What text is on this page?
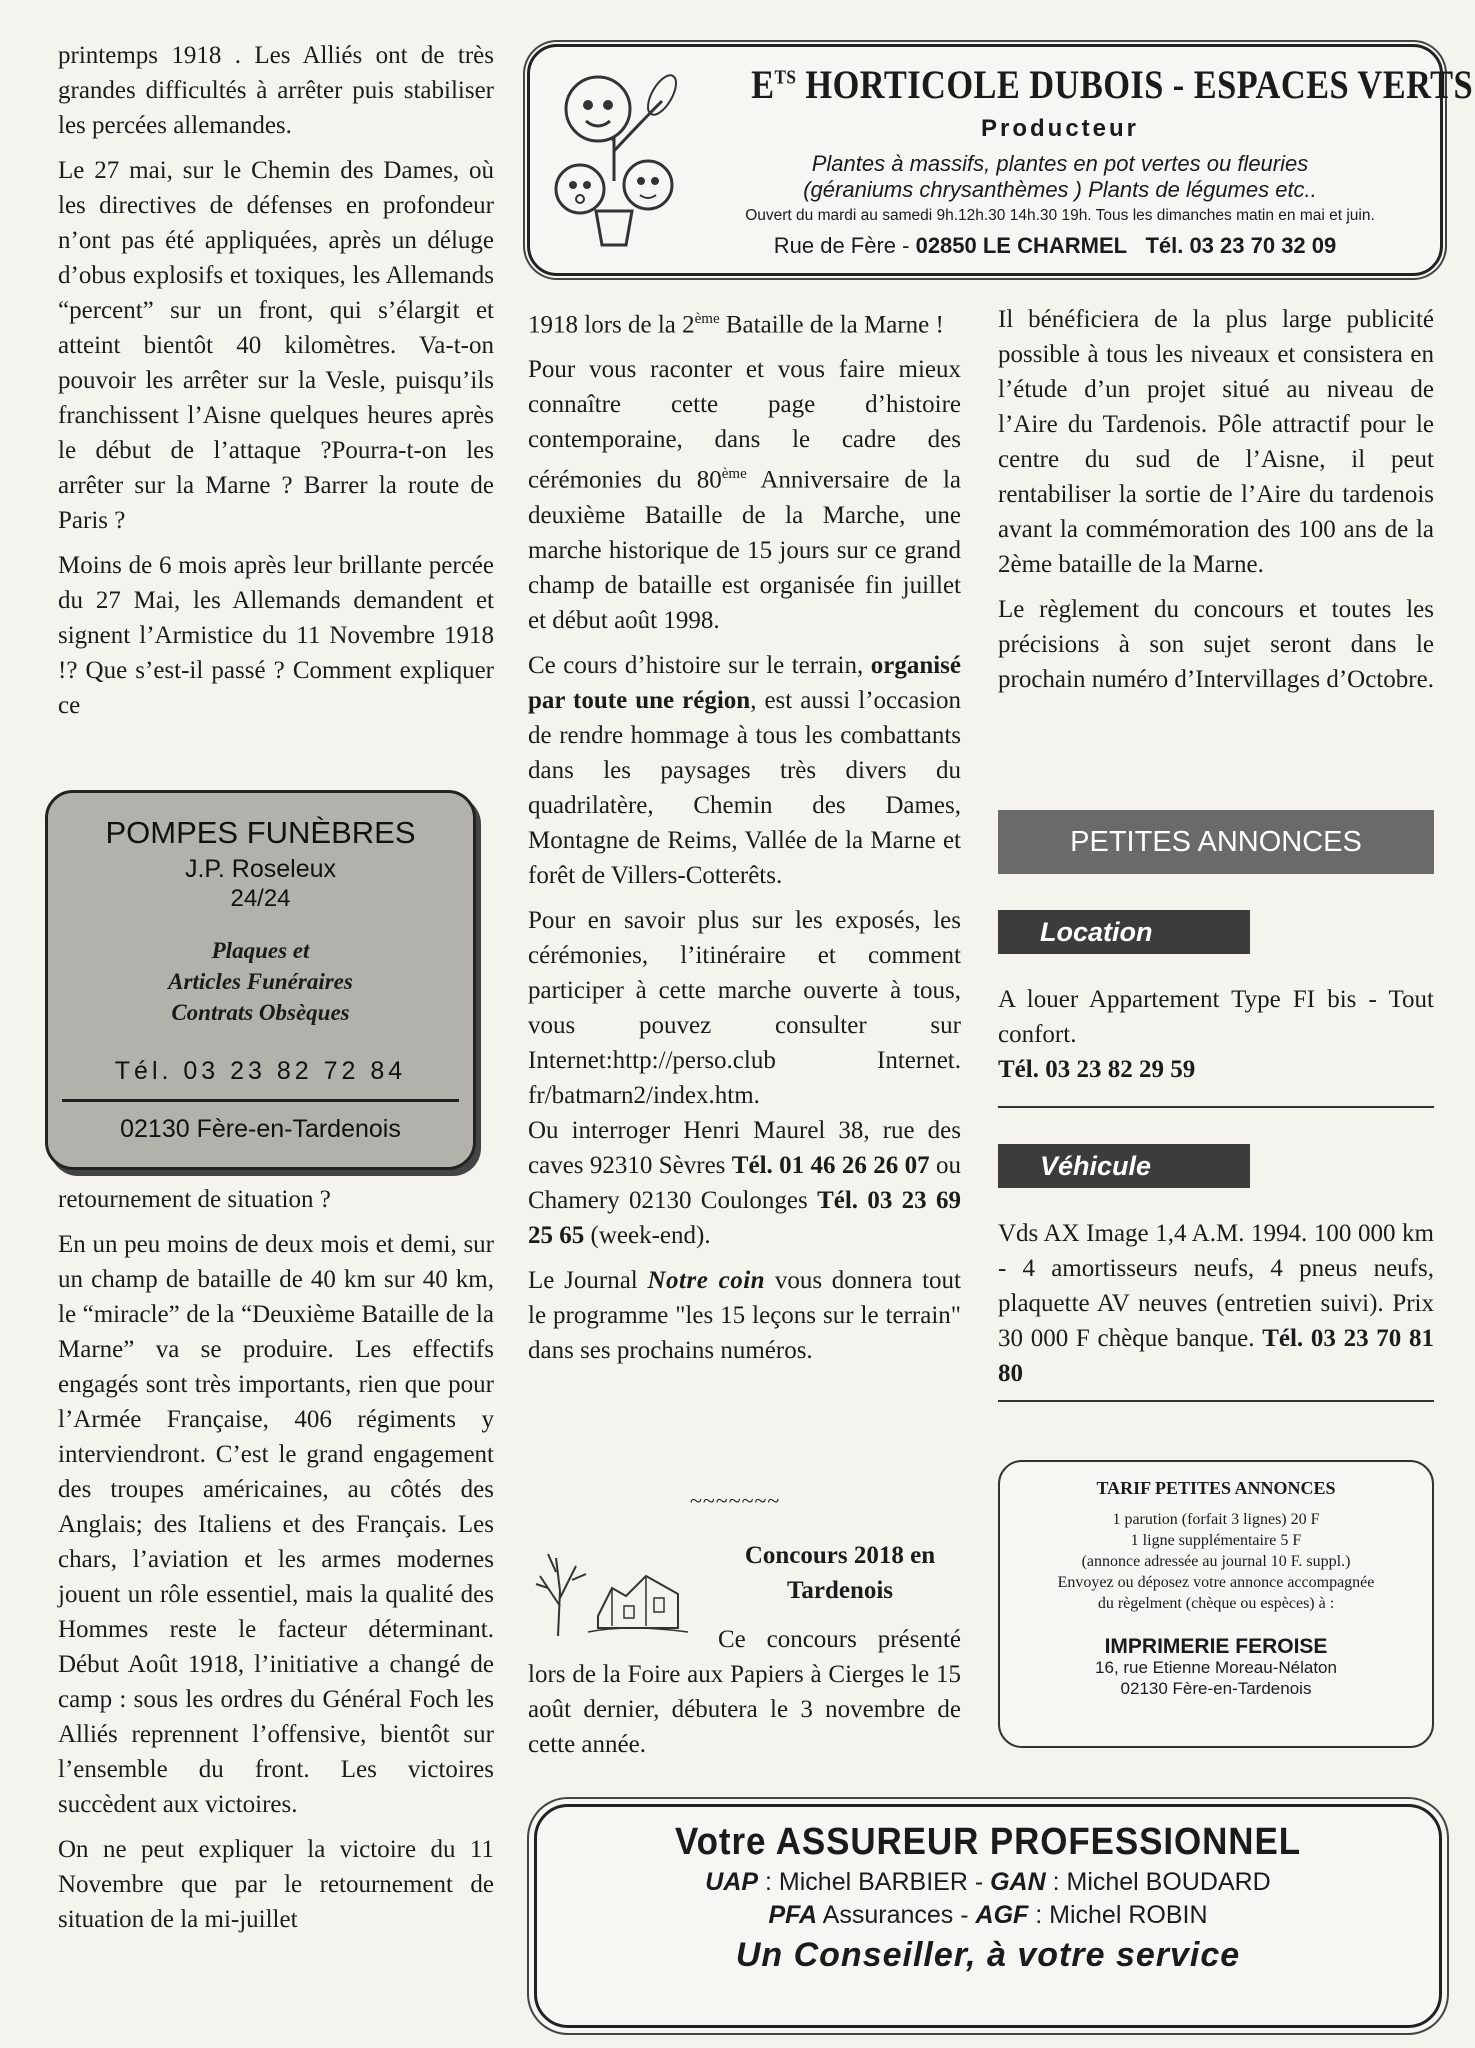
printemps 1918 . Les Alliés ont de très grandes difficultés à arrêter puis stabiliser les percées allemandes.

Le 27 mai, sur le Chemin des Dames, où les directives de défenses en profondeur n’ont pas été appliquées, après un déluge d’obus explosifs et toxiques, les Allemands “percent” sur un front, qui s’élargit et atteint bientôt 40 kilomètres. Va-t-on pouvoir les arrêter sur la Vesle, puisqu’ils franchissent l’Aisne quelques heures après le début de l’attaque ?Pourra-t-on les arrêter sur la Marne ? Barrer la route de Paris ?

Moins de 6 mois après leur brillante percée du 27 Mai, les Allemands demandent et signent l’Armistice du 11 Novembre 1918 !? Que s’est-il passé ? Comment expliquer ce

POMPES FUNÈBRES
J.P. Roseleux
24/24
Plaques et
Articles Funéraires
Contrats Obsèques
Tél. 03 23 82 72 84
02130 Fère-en-Tardenois

retournement de situation ?

En un peu moins de deux mois et demi, sur un champ de bataille de 40 km sur 40 km, le “miracle” de la “Deuxième Bataille de la Marne” va se produire. Les effectifs engagés sont très importants, rien que pour l’Armée Française, 406 régiments y interviendront. C’est le grand engagement des troupes américaines, au côtés des Anglais; des Italiens et des Français. Les chars, l’aviation et les armes modernes jouent un rôle essentiel, mais la qualité des Hommes reste le facteur déterminant. Début Août 1918, l’initiative a changé de camp : sous les ordres du Général Foch les Alliés reprennent l’offensive, bientôt sur l’ensemble du front. Les victoires succèdent aux victoires.

On ne peut expliquer la victoire du 11 Novembre que par le retournement de situation de la mi-juillet

$E^{TS}$ HORTICOLE DUBOIS - ESPACES VERTS
Producteur
Plantes à massifs, plantes en pot vertes ou fleuries
(géraniums chrysanthèmes ) Plants de légumes etc..
Ouvert du mardi au samedi 9h.12h.30 14h.30 19h. Tous les dimanches matin en mai et juin.
Rue de Fère - 02850 LE CHARMEL Tél. 03 23 70 32 09

1918 lors de la 2ème Bataille de la Marne !

Pour vous raconter et vous faire mieux connaître cette page d’histoire contemporaine, dans le cadre des cérémonies du 80ème Anniversaire de la deuxième Bataille de la Marche, une marche historique de 15 jours sur ce grand champ de bataille est organisée fin juillet et début août 1998.

Ce cours d’histoire sur le terrain, organisé par toute une région, est aussi l’occasion de rendre hommage à tous les combattants dans les paysages très divers du quadrilatère, Chemin des Dames, Montagne de Reims, Vallée de la Marne et forêt de Villers-Cotterêts.

Pour en savoir plus sur les exposés, les cérémonies, l’itinéraire et comment participer à cette marche ouverte à tous, vous pouvez consulter sur Internet:http://perso.club Internet. fr/batmarn2/index.htm.

Ou interroger Henri Maurel 38, rue des caves 92310 Sèvres Tél. 01 46 26 26 07 ou Chamery 02130 Coulonges Tél. 03 23 69 25 65 (week-end).

Le Journal Notre coin vous donnera tout le programme "les 15 leçons sur le terrain" dans ses prochains numéros.

~~~~~~~
Concours 2018 en Tardenois
Ce concours présenté lors de la Foire aux Papiers à Cierges le 15 août dernier, débutera le 3 novembre de cette année.

Il bénéficiera de la plus large publicité possible à tous les niveaux et consistera en l’étude d’un projet situé au niveau de l’Aire du Tardenois. Pôle attractif pour le centre du sud de l’Aisne, il peut rentabiliser la sortie de l’Aire du tardenois avant la commémoration des 100 ans de la 2ème bataille de la Marne.

Le règlement du concours et toutes les précisions à son sujet seront dans le prochain numéro d’Intervillages d’Octobre.

PETITES ANNONCES
Location
A louer Appartement Type FI bis - Tout confort.
Tél. 03 23 82 29 59
Véhicule
Vds AX Image 1,4 A.M. 1994. 100 000 km - 4 amortisseurs neufs, 4 pneus neufs, plaquette AV neuves (entretien suivi). Prix 30 000 F chèque banque. Tél. 03 23 70 81 80
TARIF PETITES ANNONCES
1 parution (forfait 3 lignes) 20 F
1 ligne supplémentaire 5 F
(annonce adressée au journal 10 F. suppl.)
Envoyez ou déposez votre annonce accompagnée
du règelment (chèque ou espèces) à :
IMPRIMERIE FEROISE
16, rue Etienne Moreau-Nélaton
02130 Fère-en-Tardenois
Votre ASSUREUR PROFESSIONNEL
UAP : Michel BARBIER - GAN : Michel BOUDARD
PFA Assurances - AGF : Michel ROBIN
Un Conseiller, à votre service
